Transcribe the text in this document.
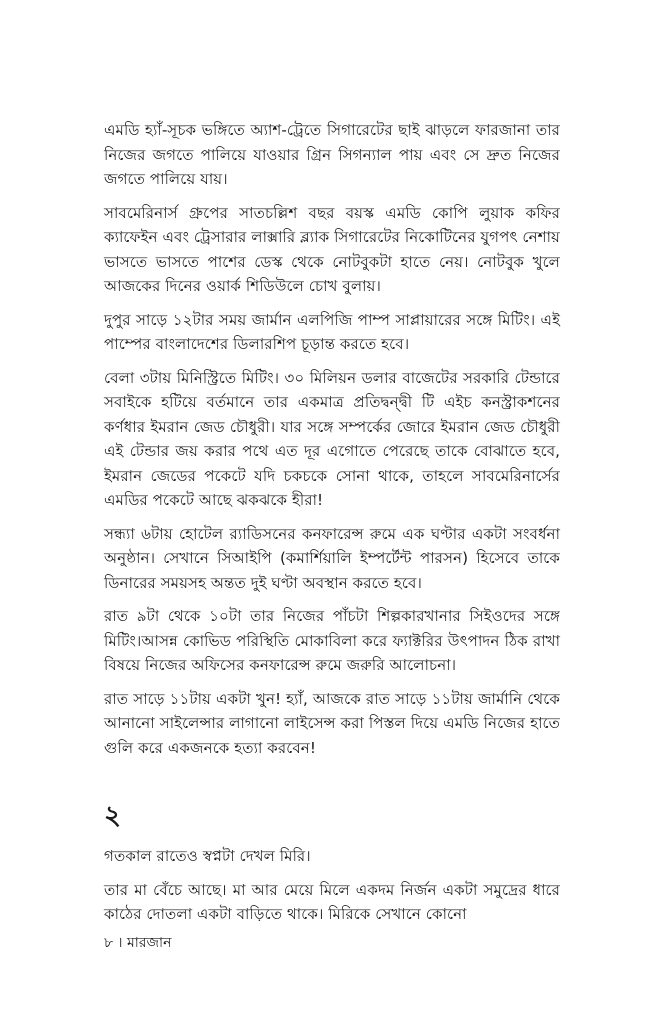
এমডি হ্যাঁ-সূচক ভঙ্গিতে অ্যাশ-ট্রেতে সিগারেটের ছাই ঝাড়লে ফারজানা তার নিজের জগতে পালিয়ে যাওয়ার গ্রিন সিগন্যাল পায় এবং সে দ্রুত নিজের জগতে পালিয়ে যায়।

সাবমেরিনার্স গ্রুপের সাতচল্লিশ বছর বয়স্ক এমডি কোপি লুয়াক কফির ক্যাফেইন এবং ট্রেসারার লাক্সারি ব্ল্যাক সিগারেটের নিকোটিনের যুগপৎ নেশায় ভাসতে ভাসতে পাশের ডেস্ক থেকে নোটবুকটা হাতে নেয়। নোটবুক খুলে আজকের দিনের ওয়ার্ক শিডিউলে চোখ বুলায়।

দুপুর সাড়ে ১২টার সময় জার্মান এলপিজি পাম্প সাপ্লায়ারের সঙ্গে মিটিং। এই পাম্পের বাংলাদেশের ডিলারশিপ চূড়ান্ত করতে হবে।

বেলা ৩টায় মিনিস্ট্রিতে মিটিং। ৩০ মিলিয়ন ডলার বাজেটের সরকারি টেন্ডারে সবাইকে হটিয়ে বর্তমানে তার একমাত্র প্রতিদ্বন্দ্বী টি এইচ কনস্ট্রাকশনের কর্ণধার ইমরান জেড চৌধুরী। যার সঙ্গে সম্পর্কের জোরে ইমরান জেড চৌধুরী এই টেন্ডার জয় করার পথে এত দূর এগোতে পেরেছে তাকে বোঝাতে হবে, ইমরান জেডের পকেটে যদি চকচকে সোনা থাকে, তাহলে সাবমেরিনার্সের এমডির পকেটে আছে ঝকঝকে হীরা!

সন্ধ্যা ৬টায় হোটেল র‍্যাডিসনের কনফারেন্স রুমে এক ঘণ্টার একটা সংবর্ধনা অনুষ্ঠান। সেখানে সিআইপি (কমার্শিয়ালি ইম্পর্টেন্ট পারসন) হিসেবে তাকে ডিনারের সময়সহ অন্তত দুই ঘণ্টা অবস্থান করতে হবে।

রাত ৯টা থেকে ১০টা তার নিজের পাঁচটা শিল্পকারখানার সিইওদের সঙ্গে মিটিং।আসন্ন কোভিড পরিস্থিতি মোকাবিলা করে ফ্যাক্টরির উৎপাদন ঠিক রাখা বিষয়ে নিজের অফিসের কনফারেন্স রুমে জরুরি আলোচনা।

রাত সাড়ে ১১টায় একটা খুন! হ্যাঁ, আজকে রাত সাড়ে ১১টায় জার্মানি থেকে আনানো সাইলেন্সার লাগানো লাইসেন্স করা পিস্তল দিয়ে এমডি নিজের হাতে গুলি করে একজনকে হত্যা করবেন!

২

গতকাল রাতেও স্বপ্নটা দেখল মিরি।

তার মা বেঁচে আছে। মা আর মেয়ে মিলে একদম নির্জন একটা সমুদ্রের ধারে কাঠের দোতলা একটা বাড়িতে থাকে। মিরিকে সেখানে কোনো

৮ । মারজান
